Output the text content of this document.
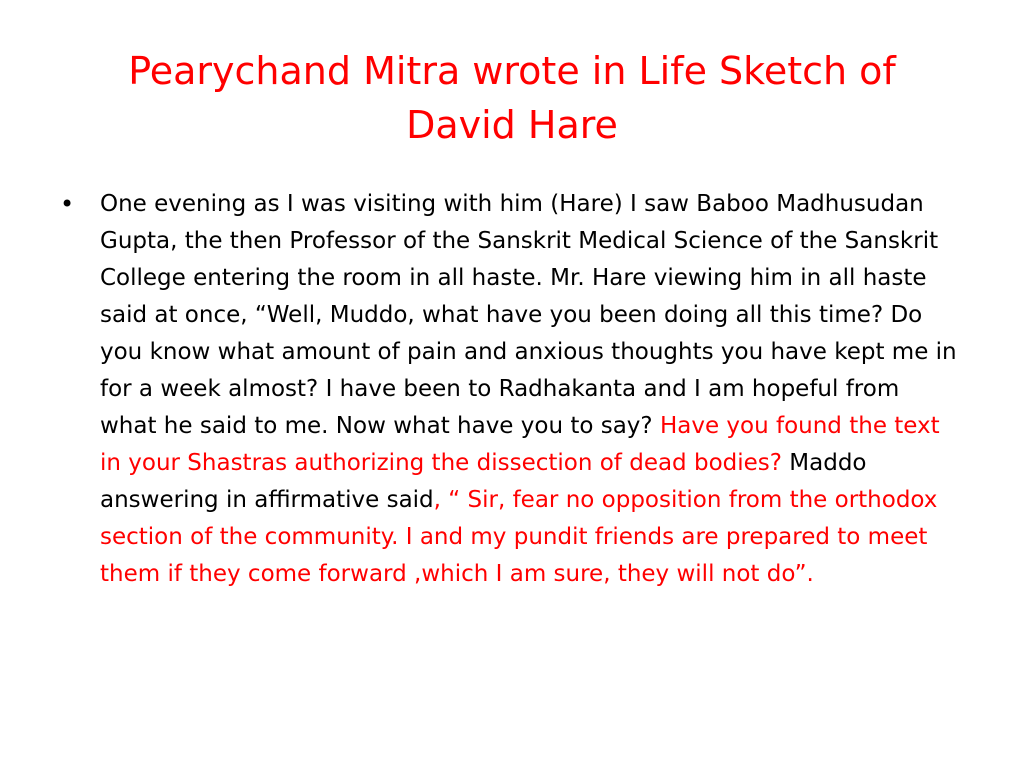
Pearychand Mitra wrote in Life Sketch of David Hare
• One evening as I was visiting with him (Hare) I saw Baboo Madhusudan Gupta, the then Professor of the Sanskrit Medical Science of the Sanskrit College entering the room in all haste. Mr. Hare viewing him in all haste said at once, “Well, Muddo, what have you been doing all this time? Do you know what amount of pain and anxious thoughts you have kept me in for a week almost? I have been to Radhakanta and I am hopeful from what he said to me. Now what have you to say? Have you found the text in your Shastras authorizing the dissection of dead bodies? Maddo answering in affirmative said, “ Sir, fear no opposition from the orthodox section of the community. I and my pundit friends are prepared to meet them if they come forward ,which I am sure, they will not do”.
